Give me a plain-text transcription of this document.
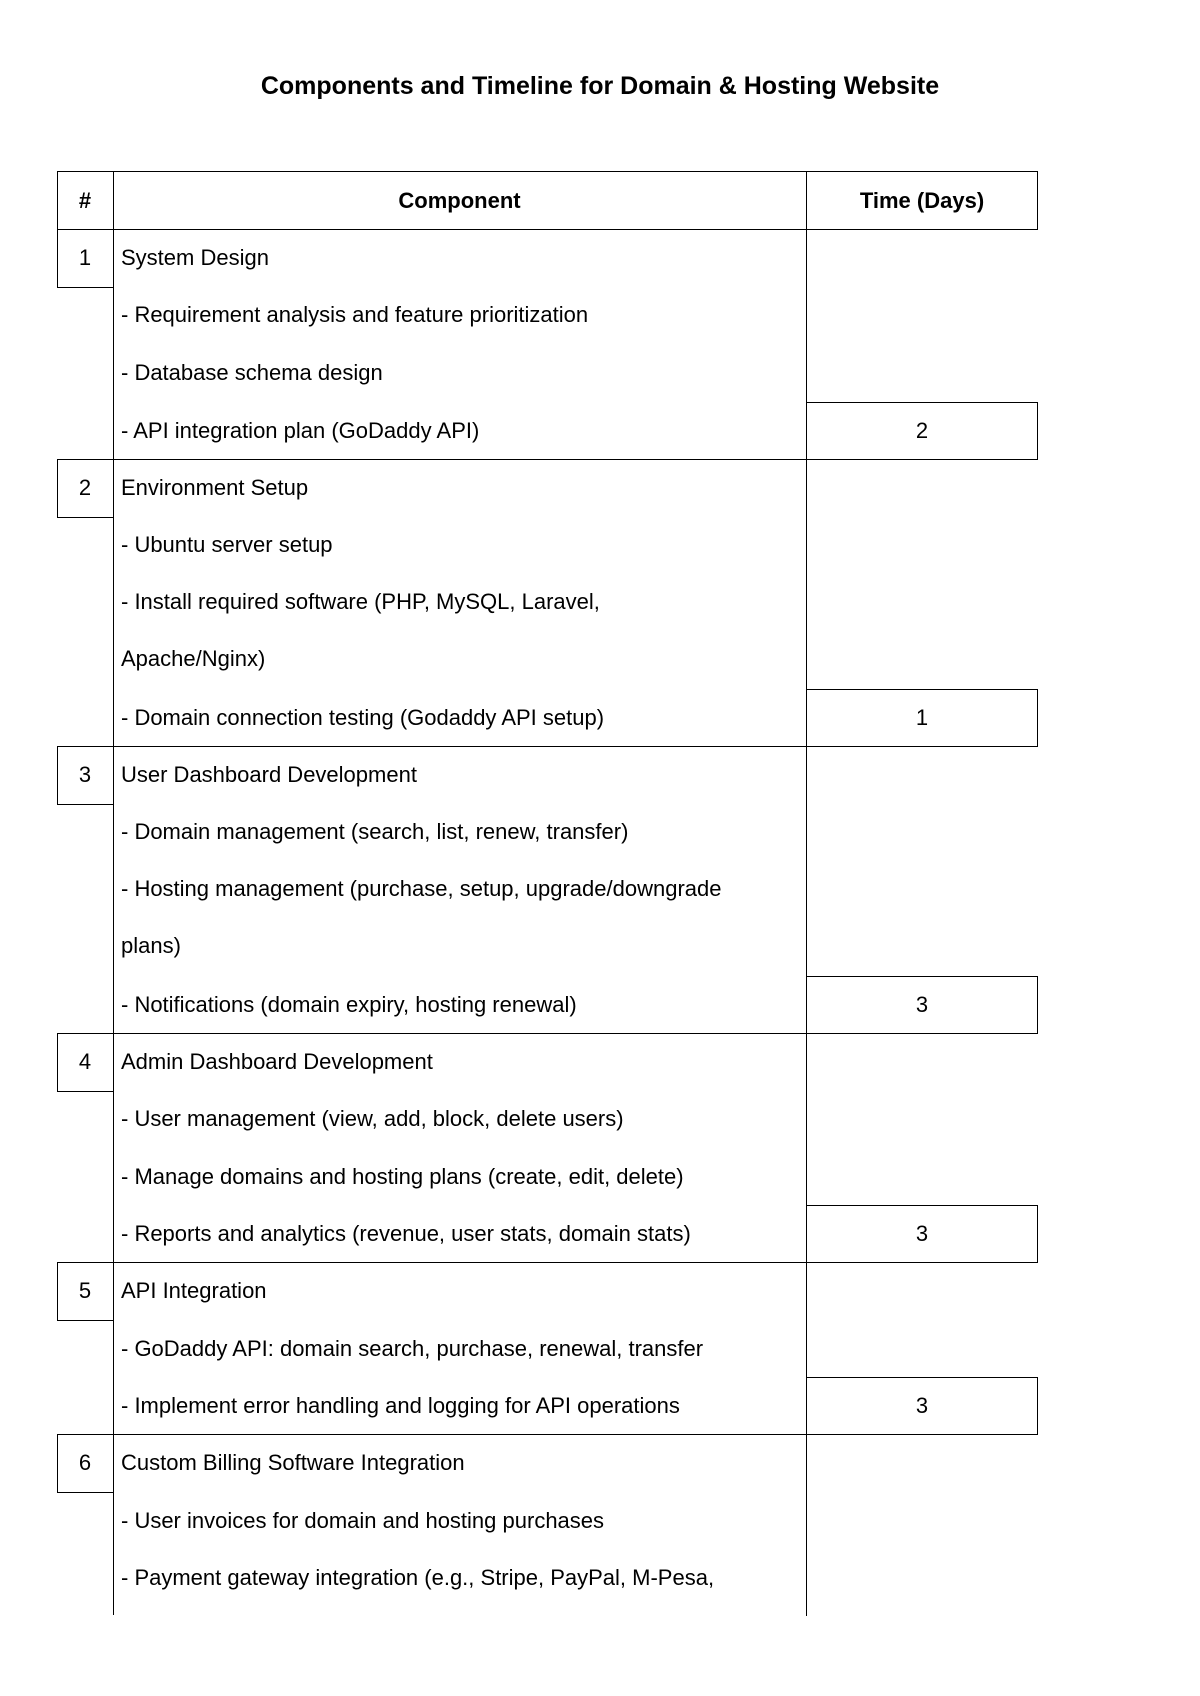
Components and Timeline for Domain & Hosting Website
#	Component	Time (Days)
1	System Design
- Requirement analysis and feature prioritization
- Database schema design
- API integration plan (GoDaddy API)	2
2	Environment Setup
- Ubuntu server setup
- Install required software (PHP, MySQL, Laravel,
Apache/Nginx)
- Domain connection testing (Godaddy API setup)	1
3	User Dashboard Development
- Domain management (search, list, renew, transfer)
- Hosting management (purchase, setup, upgrade/downgrade
plans)
- Notifications (domain expiry, hosting renewal)	3
4	Admin Dashboard Development
- User management (view, add, block, delete users)
- Manage domains and hosting plans (create, edit, delete)
- Reports and analytics (revenue, user stats, domain stats)	3
5	API Integration
- GoDaddy API: domain search, purchase, renewal, transfer
- Implement error handling and logging for API operations	3
6	Custom Billing Software Integration
- User invoices for domain and hosting purchases
- Payment gateway integration (e.g., Stripe, PayPal, M-Pesa,
